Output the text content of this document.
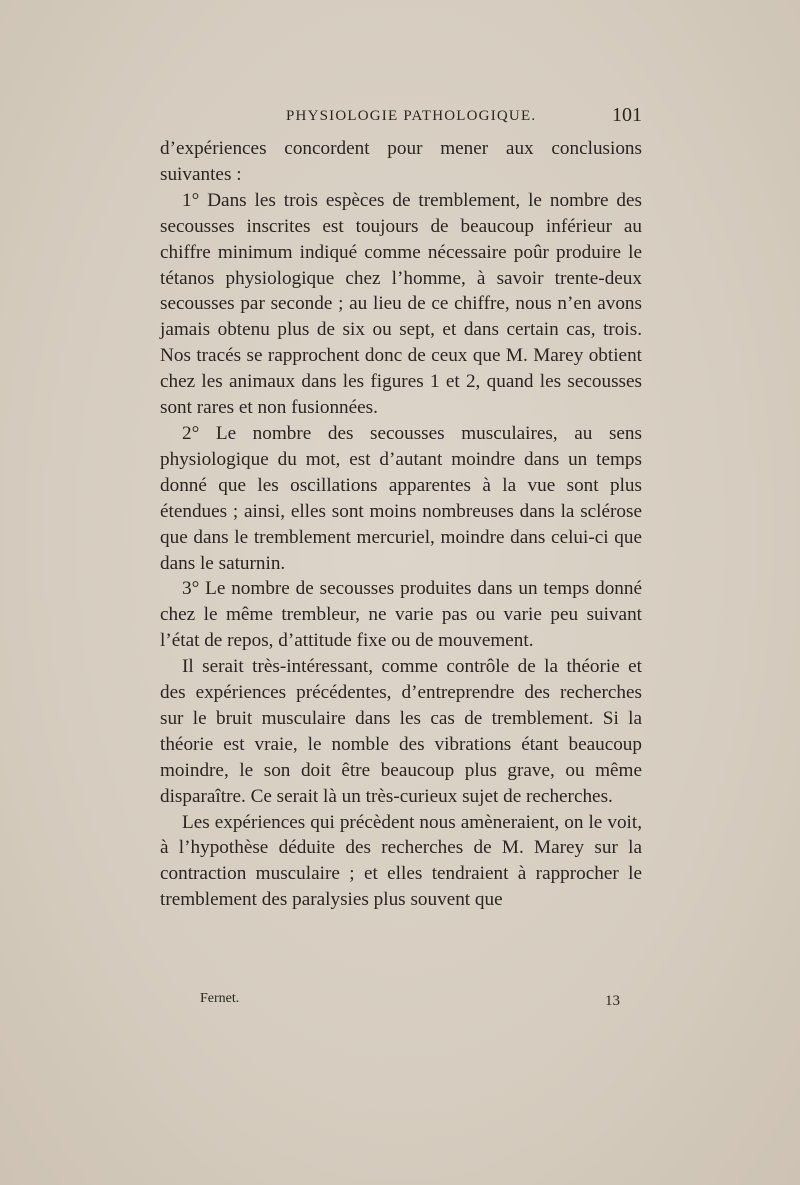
PHYSIOLOGIE PATHOLOGIQUE.	101

d’expériences concordent pour mener aux conclusions suivantes :

1° Dans les trois espèces de tremblement, le nombre des secousses inscrites est toujours de beaucoup inférieur au chiffre minimum indiqué comme nécessaire poûr produire le tétanos physiologique chez l’homme, à savoir trente-deux secousses par seconde ; au lieu de ce chiffre, nous n’en avons jamais obtenu plus de six ou sept, et dans certain cas, trois. Nos tracés se rapprochent donc de ceux que M. Marey obtient chez les animaux dans les figures 1 et 2, quand les secousses sont rares et non fusionnées.

2° Le nombre des secousses musculaires, au sens physiologique du mot, est d’autant moindre dans un temps donné que les oscillations apparentes à la vue sont plus étendues ; ainsi, elles sont moins nombreuses dans la sclérose que dans le tremblement mercuriel, moindre dans celui-ci que dans le saturnin.

3° Le nombre de secousses produites dans un temps donné chez le même trembleur, ne varie pas ou varie peu suivant l’état de repos, d’attitude fixe ou de mouvement.

Il serait très-intéressant, comme contrôle de la théorie et des expériences précédentes, d’entreprendre des recherches sur le bruit musculaire dans les cas de tremblement. Si la théorie est vraie, le nomble des vibrations étant beaucoup moindre, le son doit être beaucoup plus grave, ou même disparaître. Ce serait là un très-curieux sujet de recherches.

Les expériences qui précèdent nous amèneraient, on le voit, à l’hypothèse déduite des recherches de M. Marey sur la contraction musculaire ; et elles tendraient à rapprocher le tremblement des paralysies plus souvent que

Fernet.	13
